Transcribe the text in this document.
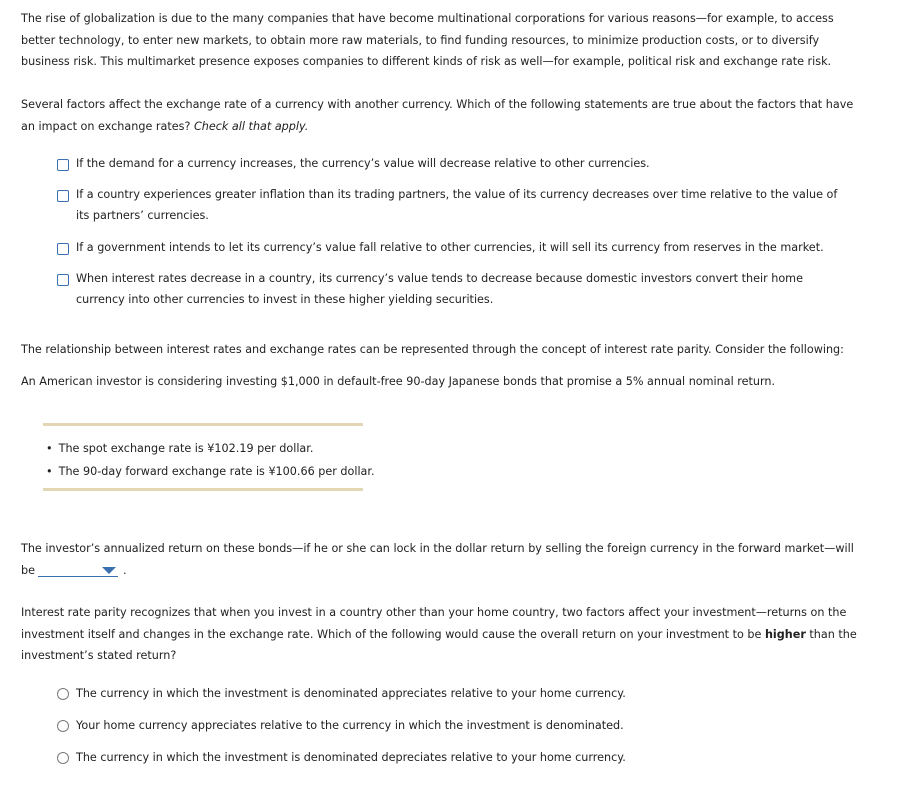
The rise of globalization is due to the many companies that have become multinational corporations for various reasons—for example, to access better technology, to enter new markets, to obtain more raw materials, to find funding resources, to minimize production costs, or to diversify business risk. This multimarket presence exposes companies to different kinds of risk as well—for example, political risk and exchange rate risk.

Several factors affect the exchange rate of a currency with another currency. Which of the following statements are true about the factors that have an impact on exchange rates? Check all that apply.

If the demand for a currency increases, the currency’s value will decrease relative to other currencies.
If a country experiences greater inflation than its trading partners, the value of its currency decreases over time relative to the value of its partners’ currencies.
If a government intends to let its currency’s value fall relative to other currencies, it will sell its currency from reserves in the market.
When interest rates decrease in a country, its currency’s value tends to decrease because domestic investors convert their home currency into other currencies to invest in these higher yielding securities.

The relationship between interest rates and exchange rates can be represented through the concept of interest rate parity. Consider the following:

An American investor is considering investing $1,000 in default-free 90-day Japanese bonds that promise a 5% annual nominal return.

• The spot exchange rate is ¥102.19 per dollar.
• The 90-day forward exchange rate is ¥100.66 per dollar.

The investor’s annualized return on these bonds—if he or she can lock in the dollar return by selling the foreign currency in the forward market—will

be	.

Interest rate parity recognizes that when you invest in a country other than your home country, two factors affect your investment—returns on the investment itself and changes in the exchange rate. Which of the following would cause the overall return on your investment to be higher than the investment’s stated return?

The currency in which the investment is denominated appreciates relative to your home currency.
Your home currency appreciates relative to the currency in which the investment is denominated.
The currency in which the investment is denominated depreciates relative to your home currency.
